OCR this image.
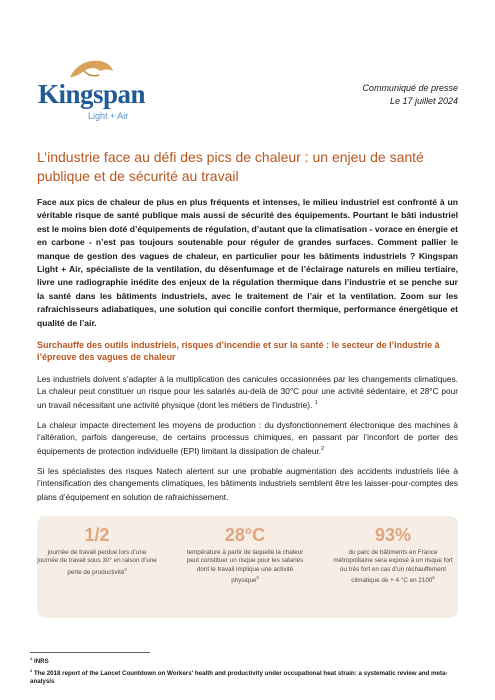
Kingspan
Light + Air
Communiqué de presse
Le 17 juillet 2024
L’industrie face au défi des pics de chaleur : un enjeu de santé publique et de sécurité au travail

Face aux pics de chaleur de plus en plus fréquents et intenses, le milieu industriel est confronté à un véritable risque de santé publique mais aussi de sécurité des équipements. Pourtant le bâti industriel est le moins bien doté d’équipements de régulation, d’autant que la climatisation - vorace en énergie et en carbone - n’est pas toujours soutenable pour réguler de grandes surfaces. Comment pallier le manque de gestion des vagues de chaleur, en particulier pour les bâtiments industriels ? Kingspan Light + Air, spécialiste de la ventilation, du désenfumage et de l’éclairage naturels en milieu tertiaire, livre une radiographie inédite des enjeux de la régulation thermique dans l’industrie et se penche sur la santé dans les bâtiments industriels, avec le traitement de l’air et la ventilation. Zoom sur les rafraichisseurs adiabatiques, une solution qui concilie confort thermique, performance énergétique et qualité de l’air.

Surchauffe des outils industriels, risques d’incendie et sur la santé : le secteur de l’industrie à l’épreuve des vagues de chaleur

Les industriels doivent s’adapter à la multiplication des canicules occasionnées par les changements climatiques. La chaleur peut constituer un risque pour les salariés au-delà de 30°C pour une activité sédentaire, et 28°C pour un travail nécessitant une activité physique (dont les métiers de l’industrie). $^1$

La chaleur impacte directement les moyens de production : du dysfonctionnement électronique des machines à l’altération, parfois dangereuse, de certains processus chimiques, en passant par l’inconfort de porter des équipements de protection individuelle (EPI) limitant la dissipation de chaleur.$^2$

Si les spécialistes des risques Natech alertent sur une probable augmentation des accidents industriels liée à l’intensification des changements climatiques, les bâtiments industriels semblent être les laisser-pour-comptes des plans d’équipement en solution de rafraichissement.

1/2
journée de travail perdue lors d’une journée de travail sous 30° en raison d’une perte de productivité$^3$
28°C
température à partir de laquelle la chaleur peut constituer un risque pour les salariés dont le travail implique une activité physique$^5$
93%
du parc de bâtiments en France métropolitaine sera exposé à un risque fort ou très fort en cas d’un réchauffement climatique de + 4 °C en 2100$^6$
$^1$ INRS
$^2$ The 2018 report of the Lancet Countdown on Workers' health and productivity under occupational heat strain: a systematic review and meta-analysis
